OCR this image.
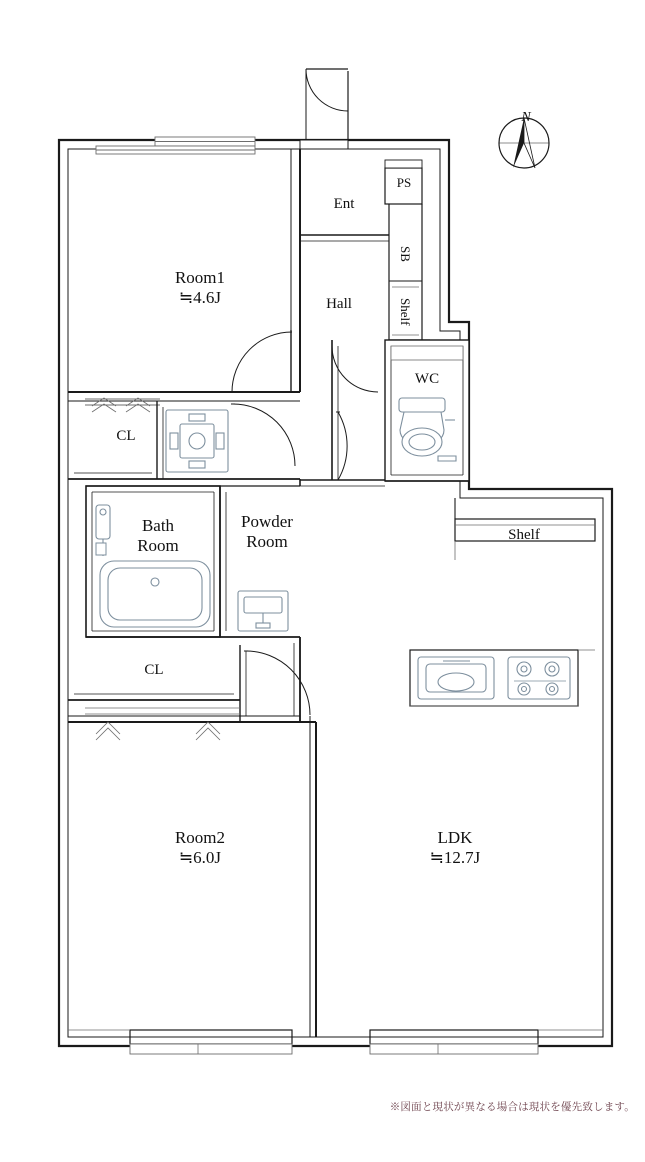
Room1
≒4.6J
Room2
≒6.0J
LDK
≒12.7J
Ent
PS
SB
Shelf
Hall
WC
Shelf
CL
CL
Bath
Room
Powder
Room
N
※図面と現状が異なる場合は現状を優先致します。
